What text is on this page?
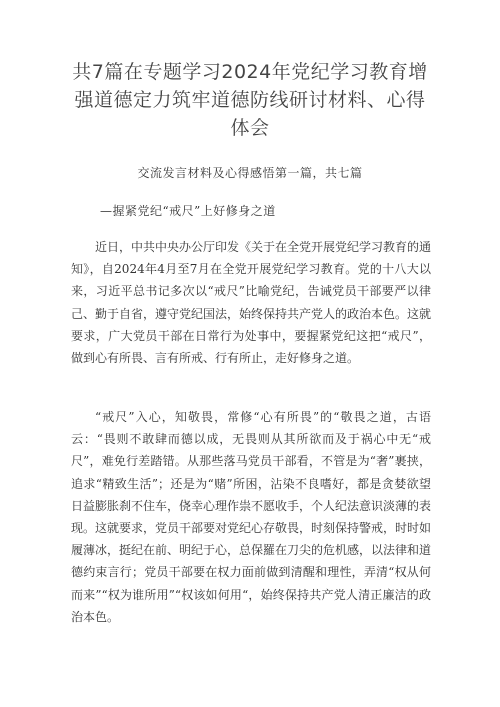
共7篇在专题学习2024年党纪学习教育增
强道德定力筑牢道德防线研讨材料、心得
体会
交流发言材料及心得感悟第一篇，共七篇
—握紧党纪“戒尺”上好修身之道

近日，中共中央办公厅印发《关于在全党开展党纪学习教育的通知》，自2024年4月至7月在全党开展党纪学习教育。党的十八大以来，习近平总书记多次以“戒尺”比喻党纪，告诫党员干部要严以律己、勤于自省，遵守党纪国法，始终保持共产党人的政治本色。这就要求，广大党员干部在日常行为处事中，要握紧党纪这把“戒尺”，做到心有所畏、言有所戒、行有所止，走好修身之道。

“戒尺”入心，知敬畏，常修“心有所畏”的“敬畏之道，古语云：“畏则不敢肆而德以成，无畏则从其所欲而及于祸心中无“戒尺”，难免行差踏错。从那些落马党员干部看，不管是为“奢”裹挟，追求“精致生活”；还是为“赌”所困，沾染不良嗜好，都是贪婪欲望日益膨胀刹不住车，侥幸心理作祟不愿收手，个人纪法意识淡薄的表现。这就要求，党员干部要对党纪心存敬畏，时刻保持警戒，时时如履薄冰，挺纪在前、明纪于心，总保羅在刀尖的危机感，以法律和道德约束言行；党员干部要在权力面前做到清醒和理性，弄清“权从何而来”“权为谁所用”“权该如何用“，始终保持共产党人清正廉洁的政治本色。
